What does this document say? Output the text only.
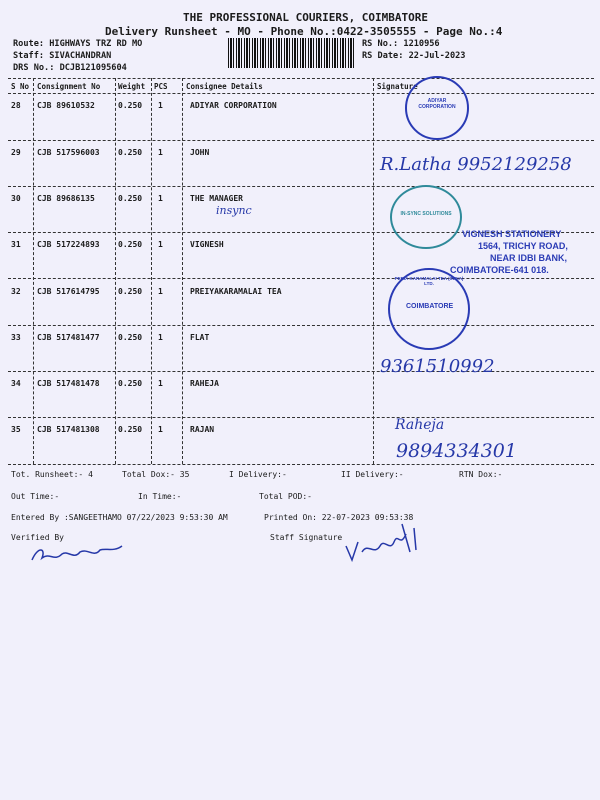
THE PROFESSIONAL COURIERS, COIMBATORE
Delivery Runsheet - MO - Phone No.:0422-3505555 - Page No.:4
Route: HIGHWAYS TRZ RD MO
Staff: SIVACHANDRAN
DRS No.: DCJB121095604
RS No.: 1210956
RS Date: 22-Jul-2023
S No Consignment No Weight PCS Consignee Details	Signature
28 CJB 89610532	0.250 1	ADIYAR CORPORATION
29 CJB 517596003 0.250 1	JOHN
30 CJB 89686135	0.250 1	THE MANAGER
31 CJB 517224893 0.250 1	VIGNESH
32 CJB 517614795 0.250 1	PREIYAKARAMALAI TEA
33 CJB 517481477 0.250 1	FLAT
34 CJB 517481478 0.250 1	RAHEJA
35 CJB 517481308 0.250 1	RAJAN
Tot. Runsheet:- 4	Total Dox:- 35	I Delivery:-	II Delivery:-	RTN Dox:-
Out Time:-	In Time:-	Total POD:-
Entered By :SANGEETHAMO 07/22/2023 9:53:30 AM	Printed On: 22-07-2023 09:53:38
Verified By	Staff Signature
ADIYAR CORPORATION
IN-SYNC SOLUTIONS
VIGNESH STATIONERY
1564, TRICHY ROAD,
NEAR IDBI BANK,
COIMBATORE-641 018.
PERIA KARAMALAI TEA (INDIA) LTD.
COIMBATORE
R.Latha 9952129258
insync
9361510992
Raheja
9894334301
